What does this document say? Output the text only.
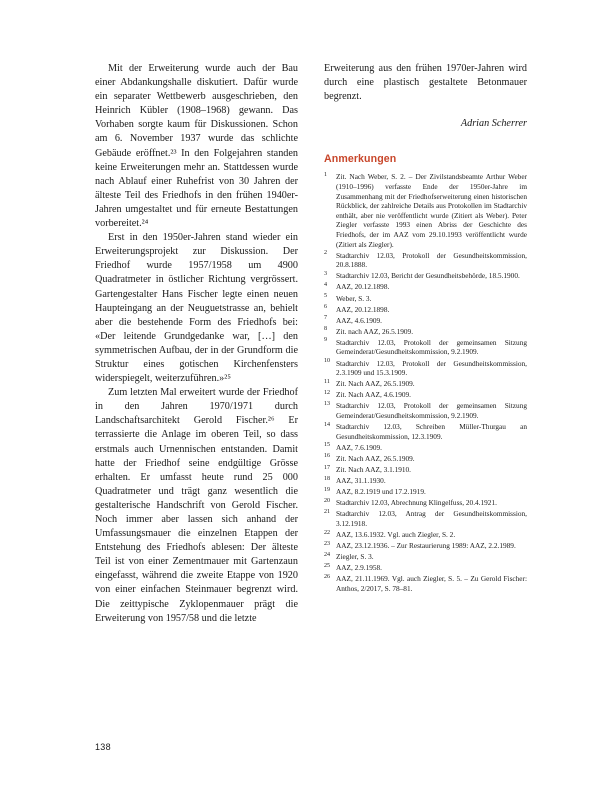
Mit der Erweiterung wurde auch der Bau einer Abdankungshalle diskutiert. Dafür wurde ein separater Wettbewerb ausgeschrieben, den Heinrich Kübler (1908–1968) gewann. Das Vorhaben sorgte kaum für Diskussionen. Schon am 6. November 1937 wurde das schlichte Gebäude eröffnet.²³ In den Folgejahren standen keine Erweiterungen mehr an. Stattdessen wurde nach Ablauf einer Ruhefrist von 30 Jahren der älteste Teil des Friedhofs in den frühen 1940er-Jahren umgestaltet und für erneute Bestattungen vorbereitet.²⁴

Erst in den 1950er-Jahren stand wieder ein Erweiterungsprojekt zur Diskussion. Der Friedhof wurde 1957/1958 um 4900 Quadratmeter in östlicher Richtung vergrössert. Gartengestalter Hans Fischer legte einen neuen Haupteingang an der Neuguetstrasse an, behielt aber die bestehende Form des Friedhofs bei: «Der leitende Grundgedanke war, […] den symmetrischen Aufbau, der in der Grundform die Struktur eines gotischen Kirchenfensters widerspiegelt, weiterzuführen.»²⁵

Zum letzten Mal erweitert wurde der Friedhof in den Jahren 1970/1971 durch Landschaftsarchitekt Gerold Fischer.²⁶ Er terrassierte die Anlage im oberen Teil, so dass erstmals auch Urnennischen entstanden. Damit hatte der Friedhof seine endgültige Grösse erhalten. Er umfasst heute rund 25 000 Quadratmeter und trägt ganz wesentlich die gestalterische Handschrift von Gerold Fischer. Noch immer aber lassen sich anhand der Umfassungsmauer die einzelnen Etappen der Entstehung des Friedhofs ablesen: Der älteste Teil ist von einer Zementmauer mit Gartenzaun eingefasst, während die zweite Etappe von 1920 von einer einfachen Steinmauer begrenzt wird. Die zeittypische Zyklopenmauer prägt die Erweiterung von 1957/58 und die letzte

Erweiterung aus den frühen 1970er-Jahren wird durch eine plastisch gestaltete Betonmauer begrenzt.

Adrian Scherrer
Anmerkungen
1 Zit. Nach Weber, S. 2. – Der Zivilstandsbeamte Arthur Weber (1910–1996) verfasste Ende der 1950er-Jahre im Zusammenhang mit der Friedhofserweiterung einen historischen Rückblick, der zahlreiche Details aus Protokollen im Stadtarchiv enthält, aber nie veröffentlicht wurde (Zitiert als Weber). Peter Ziegler verfasste 1993 einen Abriss der Geschichte des Friedhofs, der im AAZ vom 29.10.1993 veröffentlicht wurde (Zitiert als Ziegler).
2 Stadtarchiv 12.03, Protokoll der Gesundheitskommission, 20.8.1888.
3 Stadtarchiv 12.03, Bericht der Gesundheitsbehörde, 18.5.1900.
4 AAZ, 20.12.1898.
5 Weber, S. 3.
6 AAZ, 20.12.1898.
7 AAZ, 4.6.1909.
8 Zit. nach AAZ, 26.5.1909.
9 Stadtarchiv 12.03, Protokoll der gemeinsamen Sitzung Gemeinderat/Gesundheitskommission, 9.2.1909.
10 Stadtarchiv 12.03, Protokoll der Gesundheitskommission, 2.3.1909 und 15.3.1909.
11 Zit. Nach AAZ, 26.5.1909.
12 Zit. Nach AAZ, 4.6.1909.
13 Stadtarchiv 12.03, Protokoll der gemeinsamen Sitzung Gemeinderat/Gesundheitskommission, 9.2.1909.
14 Stadtarchiv 12.03, Schreiben Müller-Thurgau an Gesundheitskommission, 12.3.1909.
15 AAZ, 7.6.1909.
16 Zit. Nach AAZ, 26.5.1909.
17 Zit. Nach AAZ, 3.1.1910.
18 AAZ, 31.1.1930.
19 AAZ, 8.2.1919 und 17.2.1919.
20 Stadtarchiv 12.03, Abrechnung Klingelfuss, 20.4.1921.
21 Stadtarchiv 12.03, Antrag der Gesundheitskommission, 3.12.1918.
22 AAZ, 13.6.1932. Vgl. auch Ziegler, S. 2.
23 AAZ, 23.12.1936. – Zur Restaurierung 1989: AAZ, 2.2.1989.
24 Ziegler, S. 3.
25 AAZ, 2.9.1958.
26 AAZ, 21.11.1969. Vgl. auch Ziegler, S. 5. – Zu Gerold Fischer: Anthos, 2/2017, S. 78–81.
138
